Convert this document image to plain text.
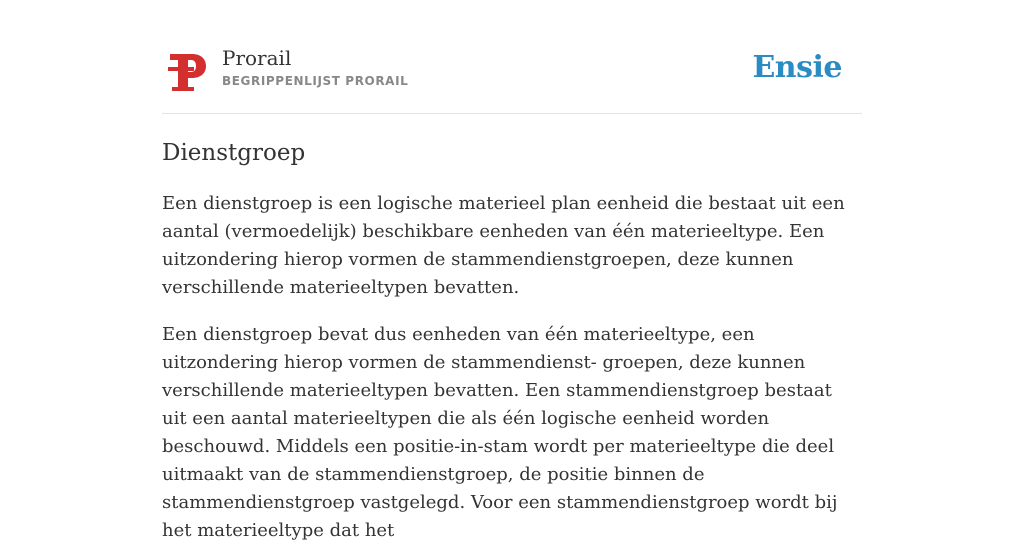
Prorail
BEGRIPPENLIJST PRORAIL	Ensie
Dienstgroep

Een dienstgroep is een logische materieel plan eenheid die bestaat uit een aantal (vermoedelijk) beschikbare eenheden van één materieeltype. Een uitzondering hierop vormen de stammendienstgroepen, deze kunnen verschillende materieeltypen bevatten.

Een dienstgroep bevat dus eenheden van één materieeltype, een uitzondering hierop vormen de stammendienst- groepen, deze kunnen verschillende materieeltypen bevatten. Een stammendienstgroep bestaat uit een aantal materieeltypen die als één logische eenheid worden beschouwd. Middels een positie-in-stam wordt per materieeltype die deel uitmaakt van de stammendienstgroep, de positie binnen de stammendienstgroep vastgelegd. Voor een stammendienstgroep wordt bij het materieeltype dat het
